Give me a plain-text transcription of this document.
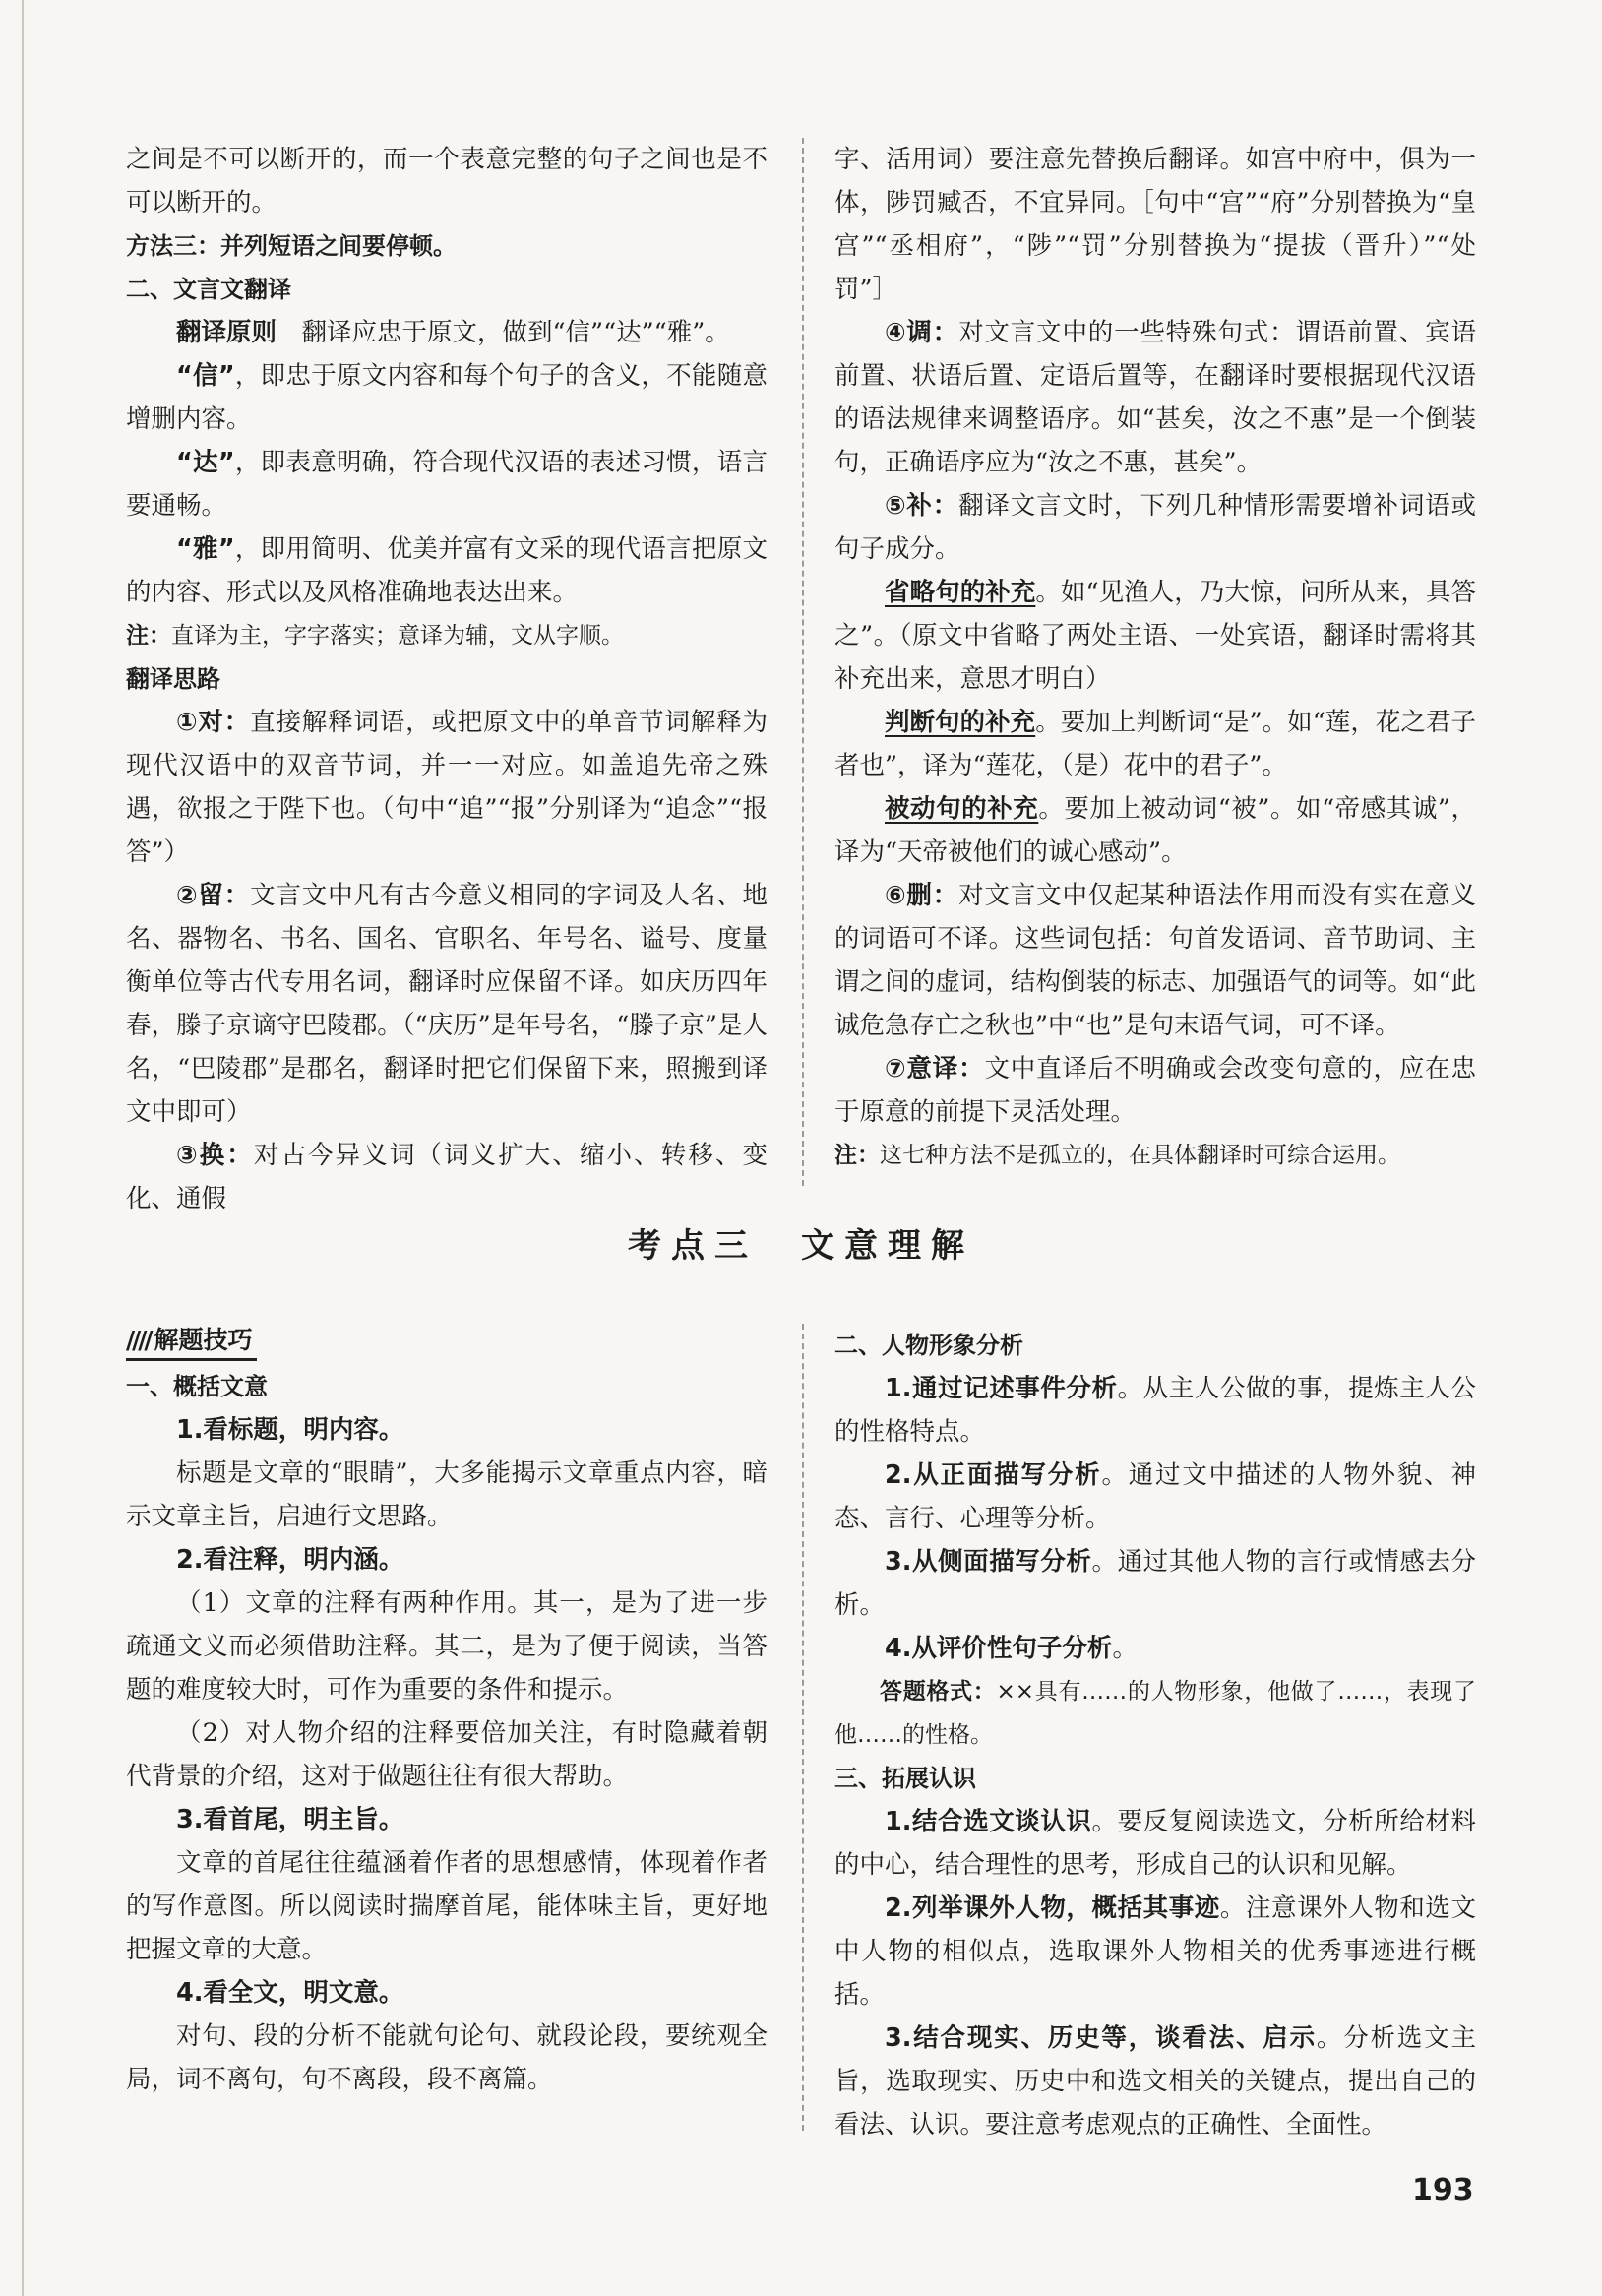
之间是不可以断开的，而一个表意完整的句子之间也是不可以断开的。

方法三：并列短语之间要停顿。

二、文言文翻译

翻译原则　翻译应忠于原文，做到“信”“达”“雅”。

“信”，即忠于原文内容和每个句子的含义，不能随意增删内容。

“达”，即表意明确，符合现代汉语的表述习惯，语言要通畅。

“雅”，即用简明、优美并富有文采的现代语言把原文的内容、形式以及风格准确地表达出来。

注：直译为主，字字落实；意译为辅，文从字顺。

翻译思路

①对：直接解释词语，或把原文中的单音节词解释为现代汉语中的双音节词，并一一对应。如盖追先帝之殊遇，欲报之于陛下也。（句中“追”“报”分别译为“追念”“报答”）

②留：文言文中凡有古今意义相同的字词及人名、地名、器物名、书名、国名、官职名、年号名、谥号、度量衡单位等古代专用名词，翻译时应保留不译。如庆历四年春，滕子京谪守巴陵郡。（“庆历”是年号名，“滕子京”是人名，“巴陵郡”是郡名，翻译时把它们保留下来，照搬到译文中即可）

③换：对古今异义词（词义扩大、缩小、转移、变化、通假

字、活用词）要注意先替换后翻译。如宫中府中，俱为一体，陟罚臧否，不宜异同。［句中“宫”“府”分别替换为“皇宫”“丞相府”，“陟”“罚”分别替换为“提拔（晋升）”“处罚”］

④调：对文言文中的一些特殊句式：谓语前置、宾语前置、状语后置、定语后置等，在翻译时要根据现代汉语的语法规律来调整语序。如“甚矣，汝之不惠”是一个倒装句，正确语序应为“汝之不惠，甚矣”。

⑤补：翻译文言文时，下列几种情形需要增补词语或句子成分。

省略句的补充。如“见渔人，乃大惊，问所从来，具答之”。（原文中省略了两处主语、一处宾语，翻译时需将其补充出来，意思才明白）

判断句的补充。要加上判断词“是”。如“莲，花之君子者也”，译为“莲花，（是）花中的君子”。

被动句的补充。要加上被动词“被”。如“帝感其诚”，译为“天帝被他们的诚心感动”。

⑥删：对文言文中仅起某种语法作用而没有实在意义的词语可不译。这些词包括：句首发语词、音节助词、主谓之间的虚词，结构倒装的标志、加强语气的词等。如“此诚危急存亡之秋也”中“也”是句末语气词，可不译。

⑦意译：文中直译后不明确或会改变句意的，应在忠于原意的前提下灵活处理。

注：这七种方法不是孤立的，在具体翻译时可综合运用。

考点三　文意理解
//// 解题技巧

一、概括文意

1.看标题，明内容。

标题是文章的“眼睛”，大多能揭示文章重点内容，暗示文章主旨，启迪行文思路。

2.看注释，明内涵。

（1）文章的注释有两种作用。其一，是为了进一步疏通文义而必须借助注释。其二，是为了便于阅读，当答题的难度较大时，可作为重要的条件和提示。

（2）对人物介绍的注释要倍加关注，有时隐藏着朝代背景的介绍，这对于做题往往有很大帮助。

3.看首尾，明主旨。

文章的首尾往往蕴涵着作者的思想感情，体现着作者的写作意图。所以阅读时揣摩首尾，能体味主旨，更好地把握文章的大意。

4.看全文，明文意。

对句、段的分析不能就句论句、就段论段，要统观全局，词不离句，句不离段，段不离篇。

二、人物形象分析

1.通过记述事件分析。从主人公做的事，提炼主人公的性格特点。

2.从正面描写分析。通过文中描述的人物外貌、神态、言行、心理等分析。

3.从侧面描写分析。通过其他人物的言行或情感去分析。

4.从评价性句子分析。

答题格式：××具有……的人物形象，他做了……，表现了他……的性格。

三、拓展认识

1.结合选文谈认识。要反复阅读选文，分析所给材料的中心，结合理性的思考，形成自己的认识和见解。

2.列举课外人物，概括其事迹。注意课外人物和选文中人物的相似点，选取课外人物相关的优秀事迹进行概括。

3.结合现实、历史等，谈看法、启示。分析选文主旨，选取现实、历史中和选文相关的关键点，提出自己的看法、认识。要注意考虑观点的正确性、全面性。

193
